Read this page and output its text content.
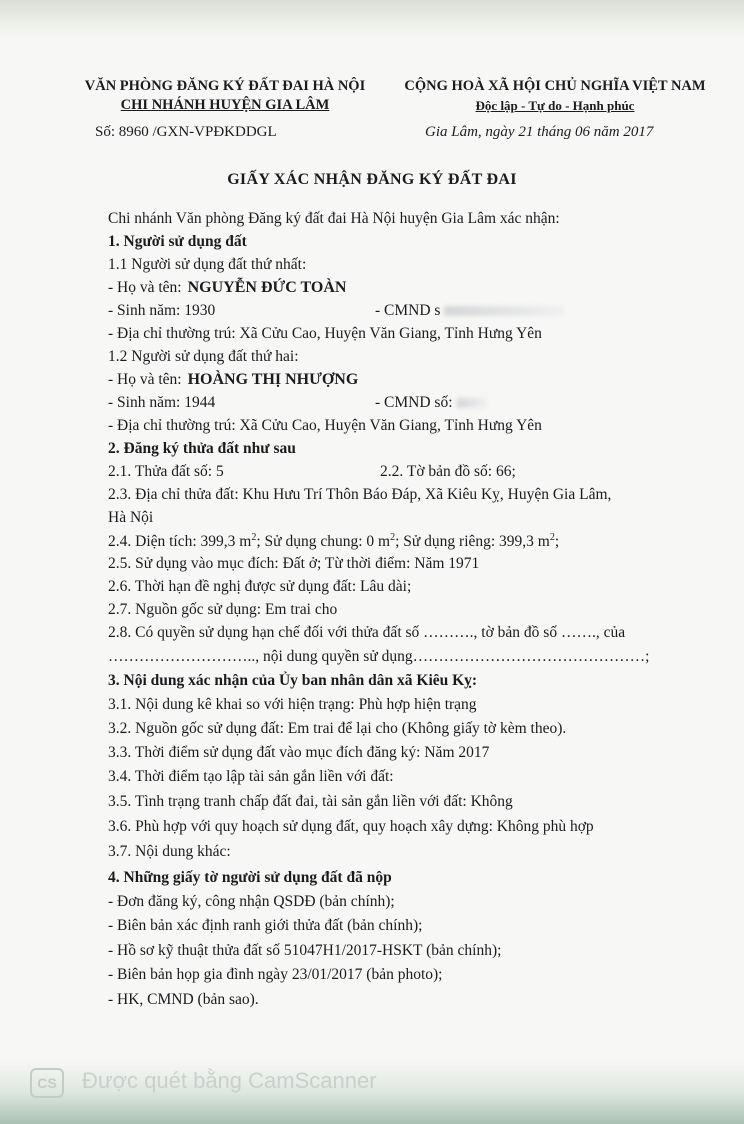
VĂN PHÒNG ĐĂNG KÝ ĐẤT ĐAI HÀ NỘI
CHI NHÁNH HUYỆN GIA LÂM
Số: 8960 /GXN-VPĐKDDGL
CỘNG HOÀ XÃ HỘI CHỦ NGHĨA VIỆT NAM
Độc lập - Tự do - Hạnh phúc
Gia Lâm, ngày 21 tháng 06 năm 2017
GIẤY XÁC NHẬN ĐĂNG KÝ ĐẤT ĐAI
Chi nhánh Văn phòng Đăng ký đất đai Hà Nội huyện Gia Lâm xác nhận:
1. Người sử dụng đất
1.1 Người sử dụng đất thứ nhất:
- Họ và tên: NGUYỄN ĐỨC TOÀN
- Sinh năm: 1930	- CMND s
- Địa chỉ thường trú: Xã Cửu Cao, Huyện Văn Giang, Tỉnh Hưng Yên
1.2 Người sử dụng đất thứ hai:
- Họ và tên: HOÀNG THỊ NHƯỢNG
- Sinh năm: 1944	- CMND số:
- Địa chỉ thường trú: Xã Cửu Cao, Huyện Văn Giang, Tỉnh Hưng Yên
2. Đăng ký thửa đất như sau
2.1. Thửa đất số: 5	2.2. Tờ bản đồ số: 66;
2.3. Địa chỉ thửa đất: Khu Hưu Trí Thôn Báo Đáp, Xã Kiêu Kỵ, Huyện Gia Lâm,
Hà Nội
2.4. Diện tích: 399,3 $m^2$; Sử dụng chung: 0 $m^2$; Sử dụng riêng: 399,3 $m^2$;
2.5. Sử dụng vào mục đích: Đất ở; Từ thời điểm: Năm 1971
2.6. Thời hạn đề nghị được sử dụng đất: Lâu dài;
2.7. Nguồn gốc sử dụng: Em trai cho
2.8. Có quyền sử dụng hạn chế đối với thửa đất số ………., tờ bản đồ số ……., của
……………………….., nội dung quyền sử dụng………………………………………;
3. Nội dung xác nhận của Ủy ban nhân dân xã Kiêu Kỵ:
3.1. Nội dung kê khai so với hiện trạng: Phù hợp hiện trạng
3.2. Nguồn gốc sử dụng đất: Em trai để lại cho (Không giấy tờ kèm theo).
3.3. Thời điểm sử dụng đất vào mục đích đăng ký: Năm 2017
3.4. Thời điểm tạo lập tài sản gắn liền với đất:
3.5. Tình trạng tranh chấp đất đai, tài sản gắn liền với đất: Không
3.6. Phù hợp với quy hoạch sử dụng đất, quy hoạch xây dựng: Không phù hợp
3.7. Nội dung khác:
4. Những giấy tờ người sử dụng đất đã nộp
- Đơn đăng ký, công nhận QSDĐ (bản chính);
- Biên bản xác định ranh giới thửa đất (bản chính);
- Hồ sơ kỹ thuật thửa đất số 51047H1/2017-HSKT (bản chính);
- Biên bản họp gia đình ngày 23/01/2017 (bản photo);
- HK, CMND (bản sao).
CS	Được quét bằng CamScanner
